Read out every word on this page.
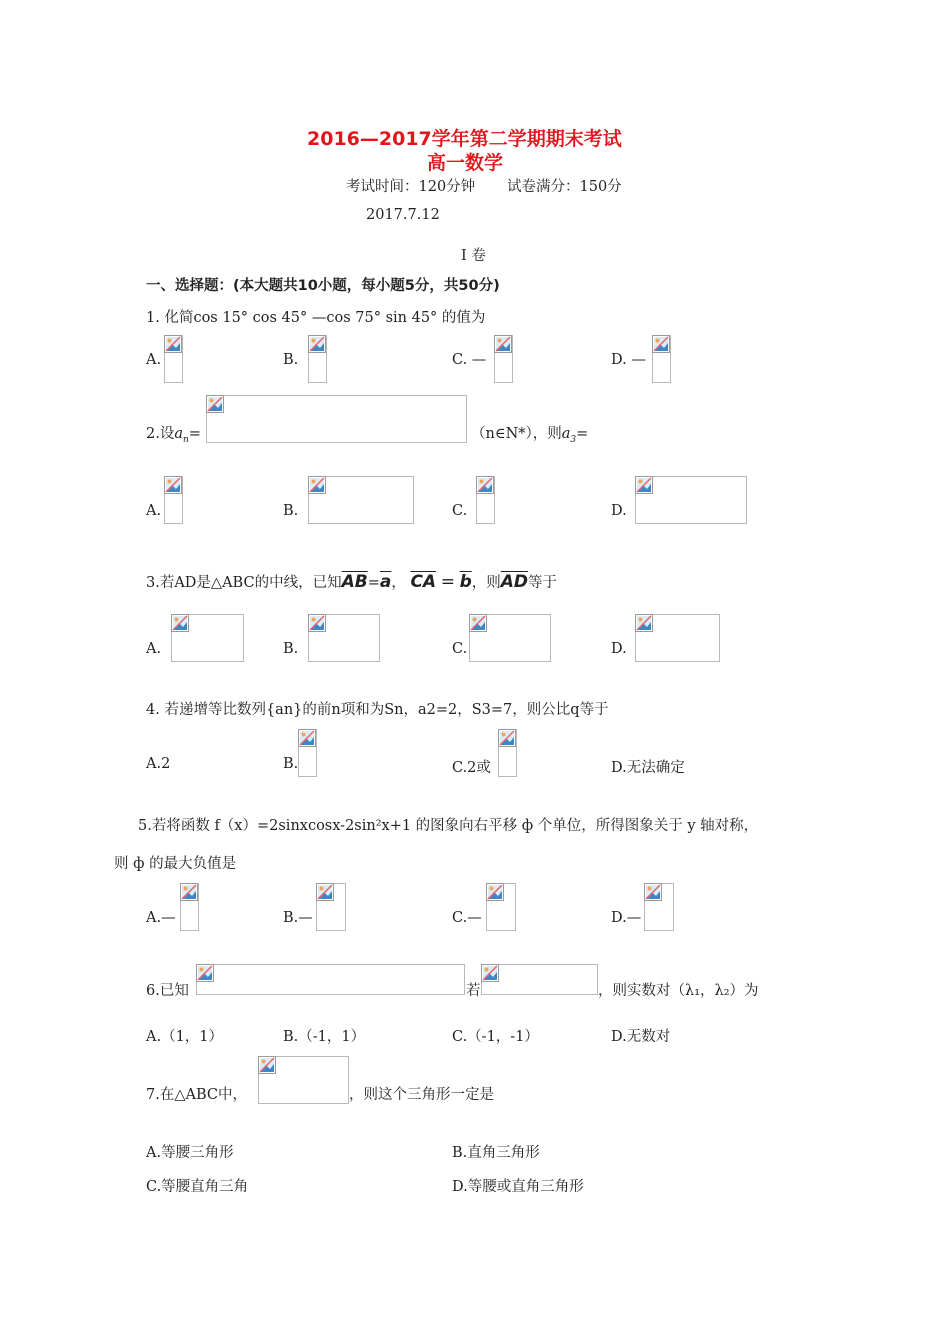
2016—2017学年第二学期期末考试
高一数学
考试时间：120分钟 试卷满分：150分
2017.7.12
I 卷
一、选择题：(本大题共10小题，每小题5分，共50分)
1. 化简cos 15° cos 45° —cos 75° sin 45° 的值为
A.	B.	C. —	D. —
2.设$a_n=$	（n∈N*），则$a_3=$
A.	B.	C.	D.
3.若AD是△ABC的中线，已知$\overline{AB}=\overline{a}$， $\overline{CA} = \overline{b}$，则$\overline{AD}$等于
A.	B.	C.	D.
4. 若递增等比数列{an}的前n项和为Sn，a2=2，S3=7，则公比q等于
A.2	B.	C.2或	D.无法确定
5.若将函数 f（x）=2sinxcosx-2sin²x+1 的图象向右平移 ф 个单位，所得图象关于 y 轴对称，
则 ф 的最大负值是
A.—	B.—	C.—	D.—
6.已知	若	，则实数对（λ₁，λ₂）为
A.（1，1）	B.（-1，1）	C.（-1，-1）	D.无数对
7.在△ABC中，	，则这个三角形一定是
A.等腰三角形	B.直角三角形
C.等腰直角三角	D.等腰或直角三角形
